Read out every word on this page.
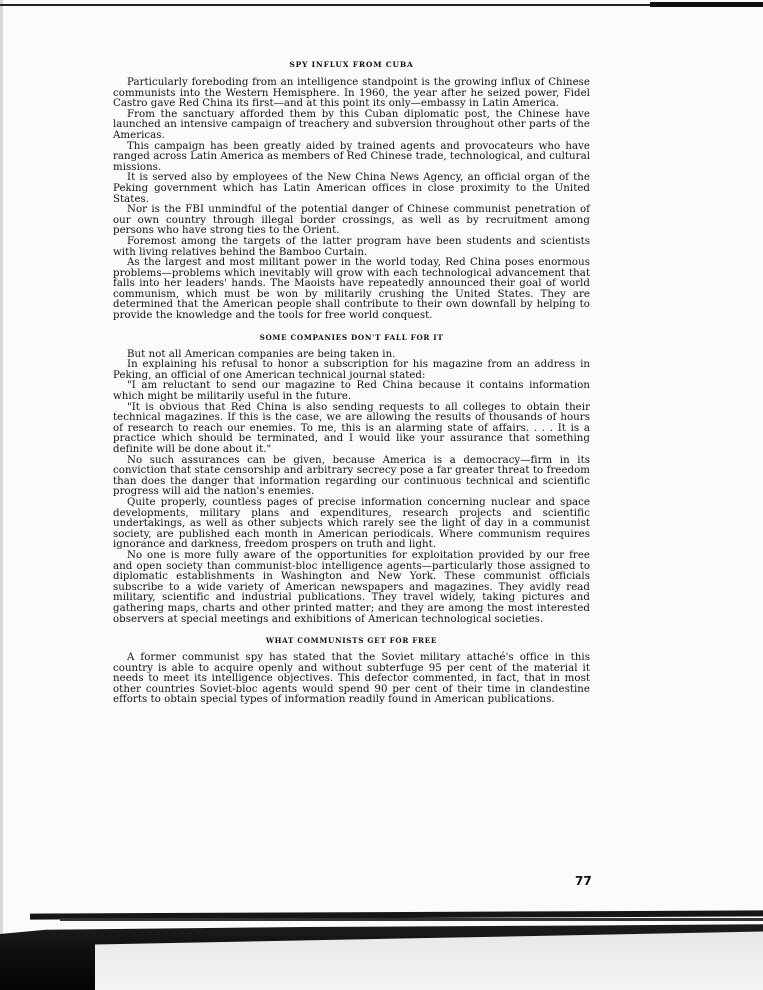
SPY INFLUX FROM CUBA

Particularly foreboding from an intelligence standpoint is the growing influx of Chinese communists into the Western Hemisphere. In 1960, the year after he seized power, Fidel Castro gave Red China its first—and at this point its only—embassy in Latin America.

From the sanctuary afforded them by this Cuban diplomatic post, the Chinese have launched an intensive campaign of treachery and subversion throughout other parts of the Americas.

This campaign has been greatly aided by trained agents and provocateurs who have ranged across Latin America as members of Red Chinese trade, technological, and cultural missions.

It is served also by employees of the New China News Agency, an official organ of the Peking government which has Latin American offices in close proximity to the United States.

Nor is the FBI unmindful of the potential danger of Chinese communist penetration of our own country through illegal border crossings, as well as by recruitment among persons who have strong ties to the Orient.

Foremost among the targets of the latter program have been students and scientists with living relatives behind the Bamboo Curtain.

As the largest and most militant power in the world today, Red China poses enormous problems—problems which inevitably will grow with each technological advancement that falls into her leaders' hands. The Maoists have repeatedly announced their goal of world communism, which must be won by militarily crushing the United States. They are determined that the American people shall contribute to their own downfall by helping to provide the knowledge and the tools for free world conquest.

SOME COMPANIES DON'T FALL FOR IT

But not all American companies are being taken in.

In explaining his refusal to honor a subscription for his magazine from an address in Peking, an official of one American technical journal stated:

"I am reluctant to send our magazine to Red China because it contains information which might be militarily useful in the future.

"It is obvious that Red China is also sending requests to all colleges to obtain their technical magazines. If this is the case, we are allowing the results of thousands of hours of research to reach our enemies. To me, this is an alarming state of affairs. . . . It is a practice which should be terminated, and I would like your assurance that something definite will be done about it."

No such assurances can be given, because America is a democracy—firm in its conviction that state censorship and arbitrary secrecy pose a far greater threat to freedom than does the danger that information regarding our continuous technical and scientific progress will aid the nation's enemies.

Quite properly, countless pages of precise information concerning nuclear and space developments, military plans and expenditures, research projects and scientific undertakings, as well as other subjects which rarely see the light of day in a communist society, are published each month in American periodicals. Where communism requires ignorance and darkness, freedom prospers on truth and light.

No one is more fully aware of the opportunities for exploitation provided by our free and open society than communist-bloc intelligence agents—particularly those assigned to diplomatic establishments in Washington and New York. These communist officials subscribe to a wide variety of American newspapers and magazines. They avidly read military, scientific and industrial publications. They travel widely, taking pictures and gathering maps, charts and other printed matter; and they are among the most interested observers at special meetings and exhibitions of American technological societies.

WHAT COMMUNISTS GET FOR FREE

A former communist spy has stated that the Soviet military attaché's office in this country is able to acquire openly and without subterfuge 95 per cent of the material it needs to meet its intelligence objectives. This defector commented, in fact, that in most other countries Soviet-bloc agents would spend 90 per cent of their time in clandestine efforts to obtain special types of information readily found in American publications.

77
